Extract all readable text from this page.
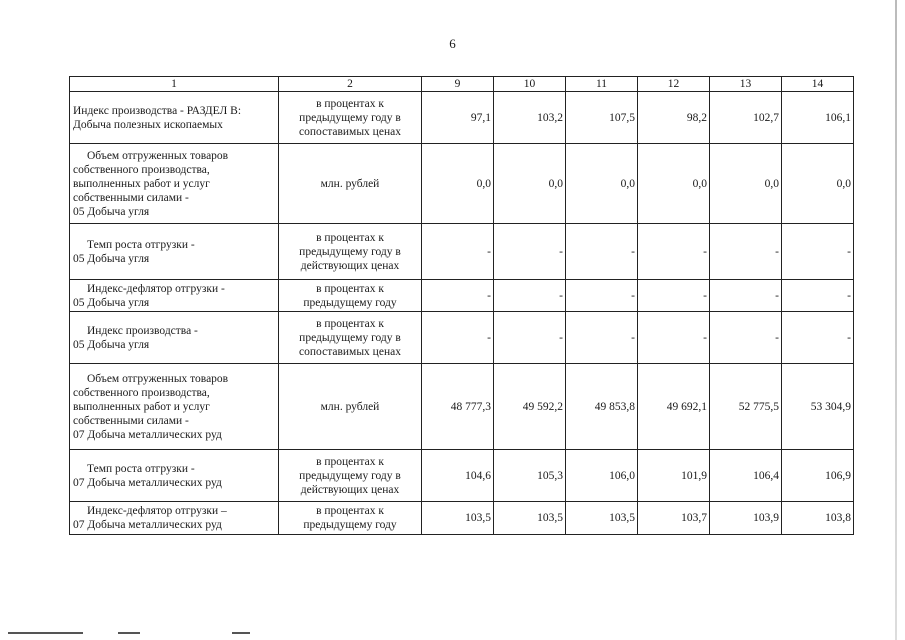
6
1	2	9	10	11	12	13	14

Индекс производства - РАЗДЕЛ В:
Добыча полезных ископаемых	в процентах к
предыдущему году в
сопоставимых ценах	97,1	103,2	107,5	98,2	102,7	106,1

Объем отгруженных товаров
собственного производства,
выполненных работ и услуг
собственными силами -
05 Добыча угля	млн. рублей	0,0	0,0	0,0	0,0	0,0	0,0

Темп роста отгрузки -
05 Добыча угля	в процентах к
предыдущему году в
действующих ценах	-	-	-	-	-	-

Индекс-дефлятор отгрузки -
05 Добыча угля	в процентах к
предыдущему году	-	-	-	-	-	-

Индекс производства -
05 Добыча угля	в процентах к
предыдущему году в
сопоставимых ценах	-	-	-	-	-	-

Объем отгруженных товаров
собственного производства,
выполненных работ и услуг
собственными силами -
07 Добыча металлических руд	млн. рублей	48 777,3	49 592,2	49 853,8	49 692,1	52 775,5	53 304,9

Темп роста отгрузки -
07 Добыча металлических руд	в процентах к
предыдущему году в
действующих ценах	104,6	105,3	106,0	101,9	106,4	106,9

Индекс-дефлятор отгрузки –
07 Добыча металлических руд	в процентах к
предыдущему году	103,5	103,5	103,5	103,7	103,9	103,8
